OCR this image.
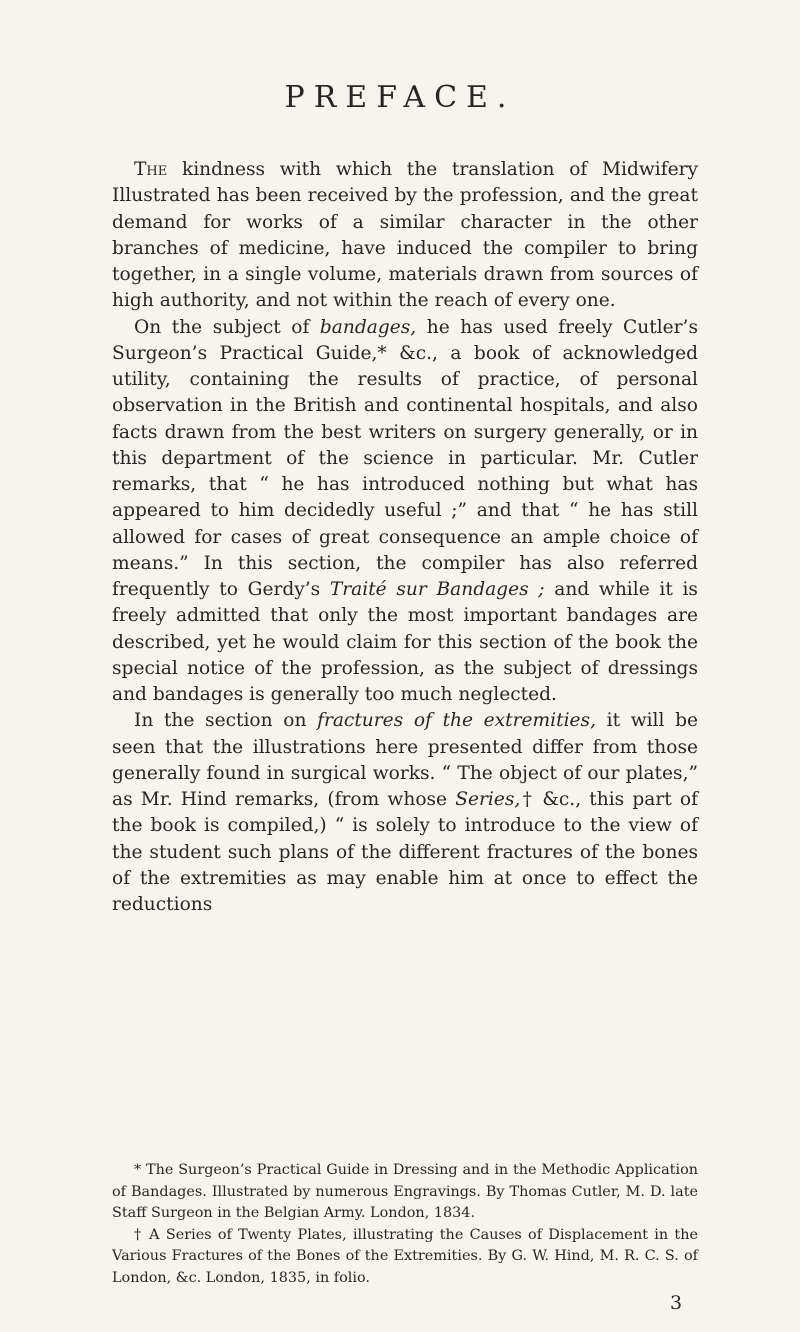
PREFACE.

The kindness with which the translation of Midwifery Illustrated has been received by the profession, and the great demand for works of a similar character in the other branches of medicine, have induced the compiler to bring together, in a single volume, materials drawn from sources of high authority, and not within the reach of every one.

On the subject of bandages, he has used freely Cutler’s Surgeon’s Practical Guide,* &c., a book of acknowledged utility, containing the results of practice, of personal observation in the British and continental hospitals, and also facts drawn from the best writers on surgery generally, or in this department of the science in particular. Mr. Cutler remarks, that “ he has introduced nothing but what has appeared to him decidedly useful ;” and that “ he has still allowed for cases of great consequence an ample choice of means.” In this section, the compiler has also referred frequently to Gerdy’s Traité sur Bandages ; and while it is freely admitted that only the most important bandages are described, yet he would claim for this section of the book the special notice of the profession, as the subject of dressings and bandages is generally too much neglected.

In the section on fractures of the extremities, it will be seen that the illustrations here presented differ from those generally found in surgical works. “ The object of our plates,” as Mr. Hind remarks, (from whose Series,† &c., this part of the book is compiled,) “ is solely to introduce to the view of the student such plans of the different fractures of the bones of the extremities as may enable him at once to effect the reductions

* The Surgeon’s Practical Guide in Dressing and in the Methodic Application of Bandages. Illustrated by numerous Engravings. By Thomas Cutler, M. D. late Staff Surgeon in the Belgian Army. London, 1834.

† A Series of Twenty Plates, illustrating the Causes of Displacement in the Various Fractures of the Bones of the Extremities. By G. W. Hind, M. R. C. S. of London, &c. London, 1835, in folio.

3
